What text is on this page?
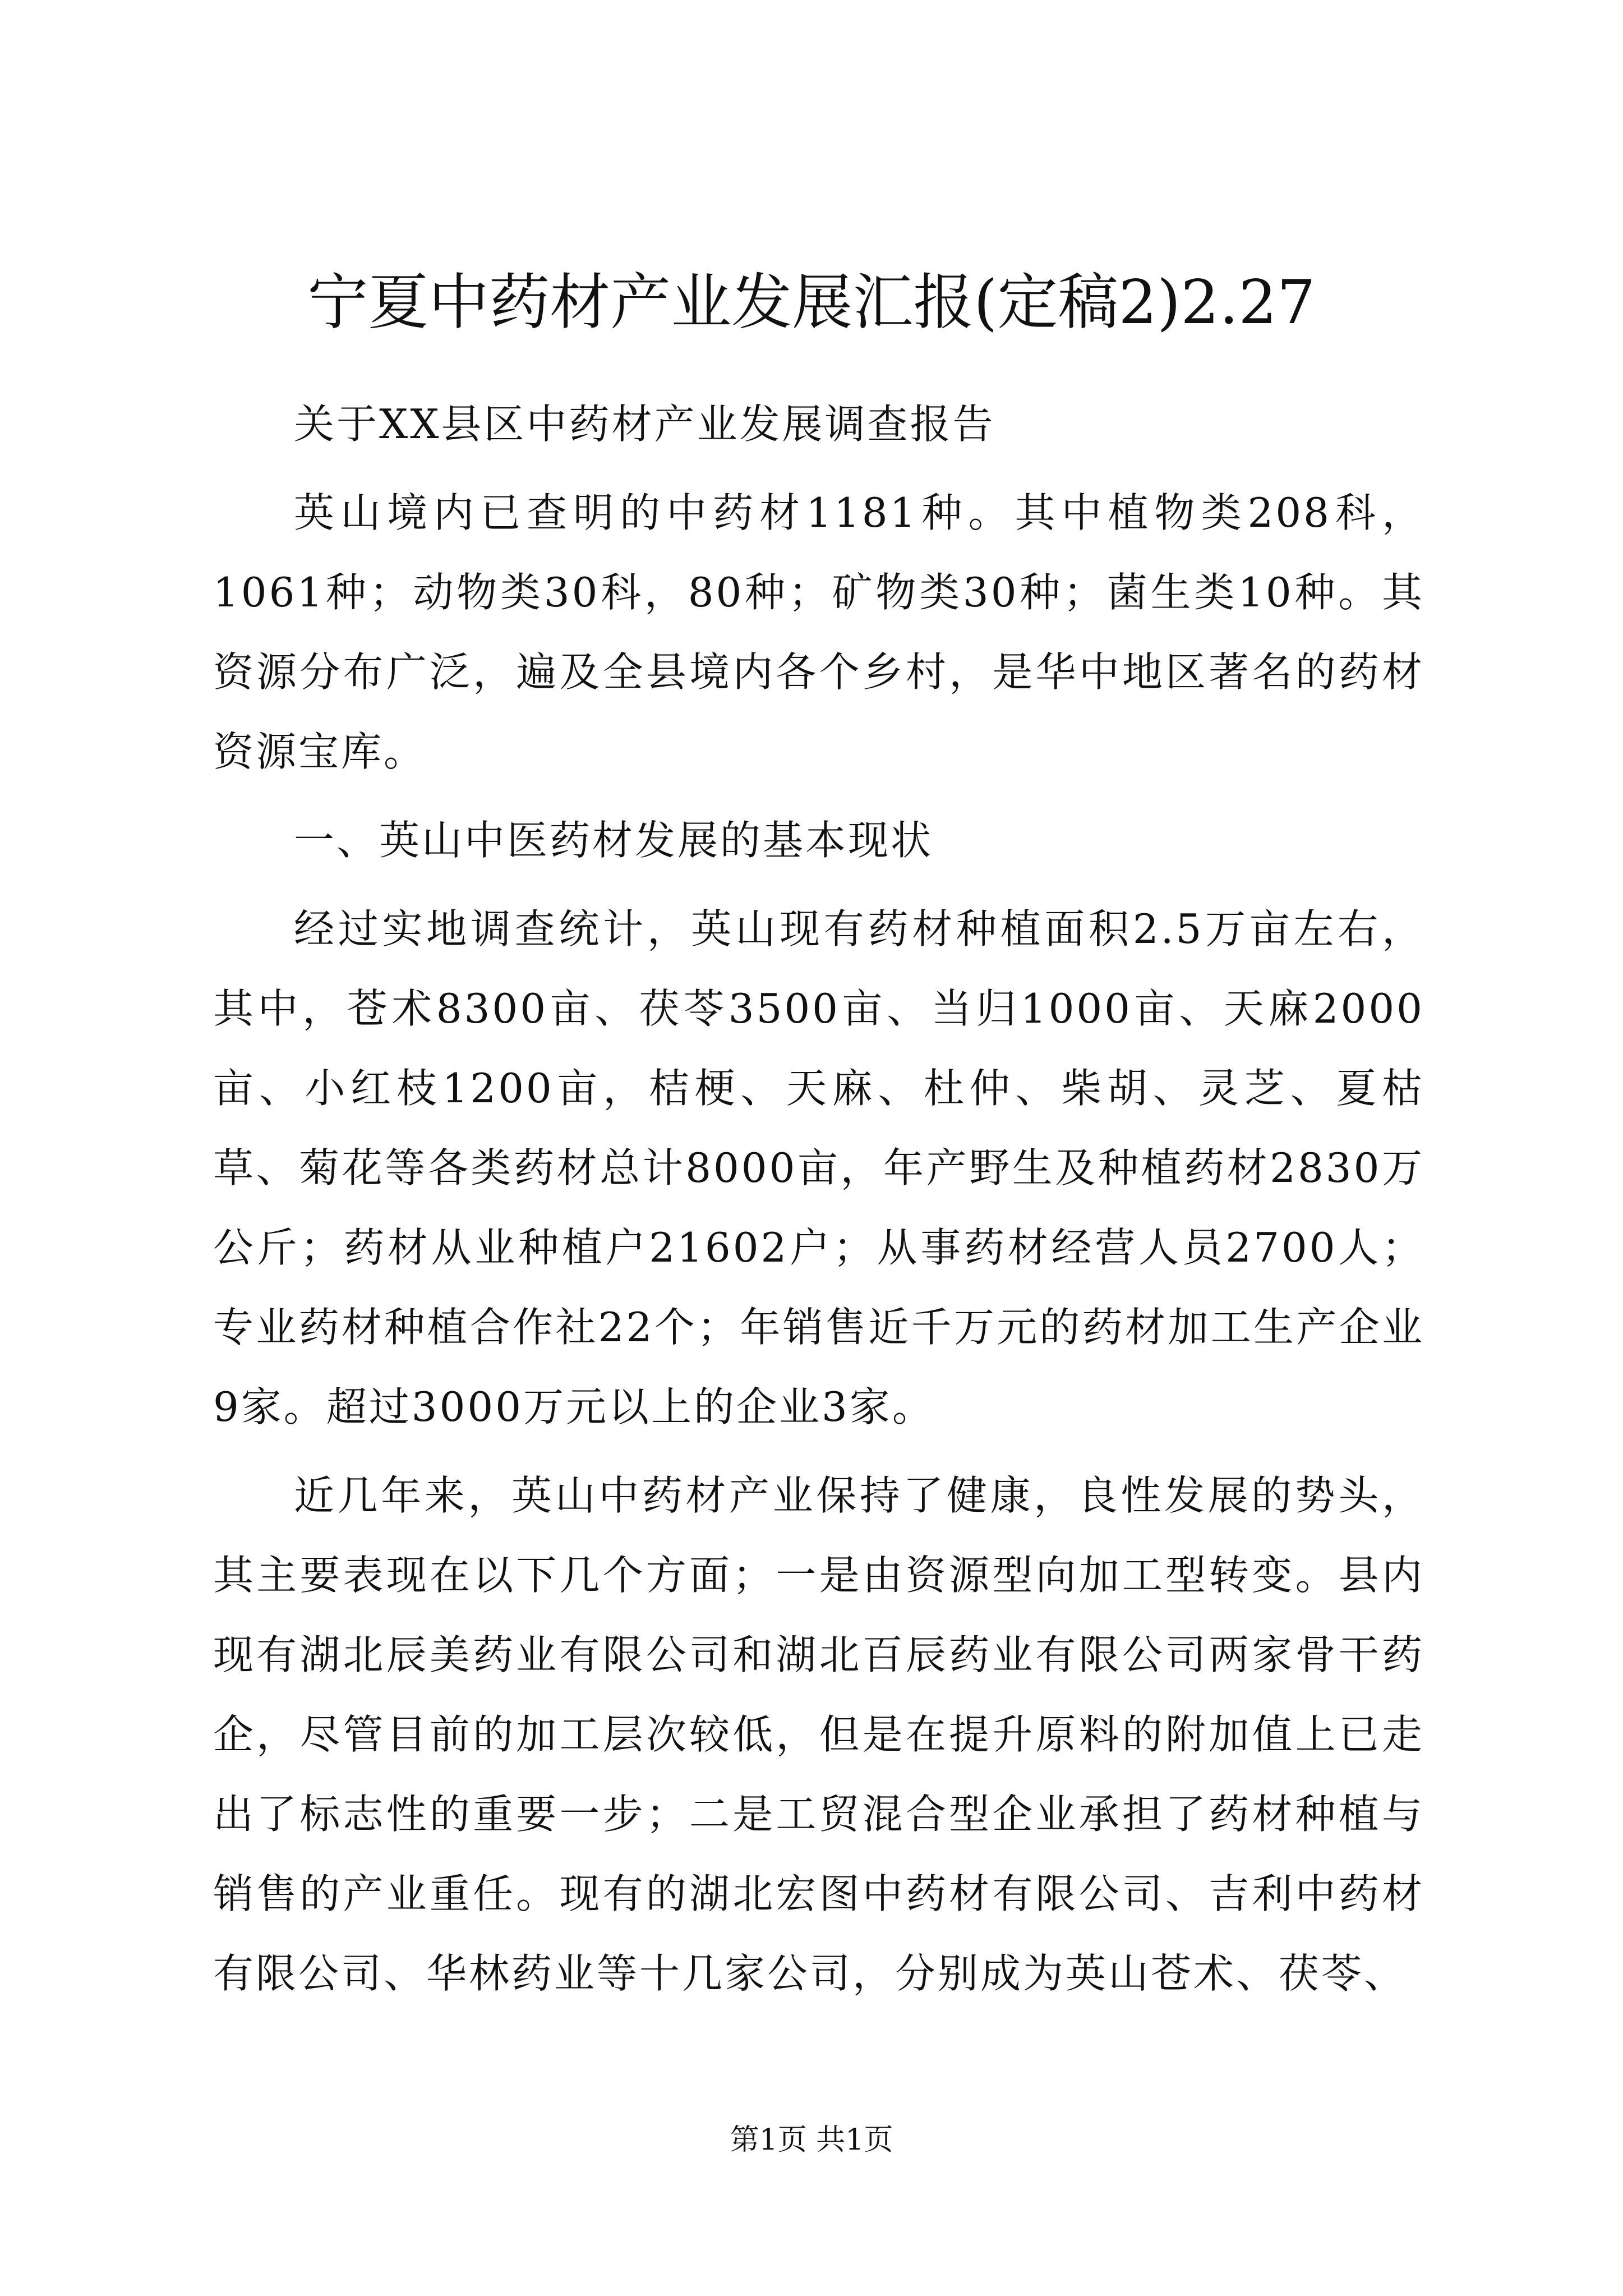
宁夏中药材产业发展汇报(定稿2)2.27

关于XX县区中药材产业发展调查报告

英山境内已查明的中药材1181种。其中植物类208科，1061种；动物类30科，80种；矿物类30种；菌生类10种。其资源分布广泛，遍及全县境内各个乡村，是华中地区著名的药材资源宝库。

一、英山中医药材发展的基本现状

经过实地调查统计，英山现有药材种植面积2.5万亩左右，其中，苍术8300亩、茯苓3500亩、当归1000亩、天麻2000亩、小红枝1200亩，桔梗、天麻、杜仲、柴胡、灵芝、夏枯草、菊花等各类药材总计8000亩，年产野生及种植药材2830万公斤；药材从业种植户21602户；从事药材经营人员2700人；专业药材种植合作社22个；年销售近千万元的药材加工生产企业9家。超过3000万元以上的企业3家。

近几年来，英山中药材产业保持了健康，良性发展的势头，其主要表现在以下几个方面；一是由资源型向加工型转变。县内现有湖北辰美药业有限公司和湖北百辰药业有限公司两家骨干药企，尽管目前的加工层次较低，但是在提升原料的附加值上已走出了标志性的重要一步；二是工贸混合型企业承担了药材种植与销售的产业重任。现有的湖北宏图中药材有限公司、吉利中药材有限公司、华林药业等十几家公司，分别成为英山苍术、茯苓、

第1页 共1页
